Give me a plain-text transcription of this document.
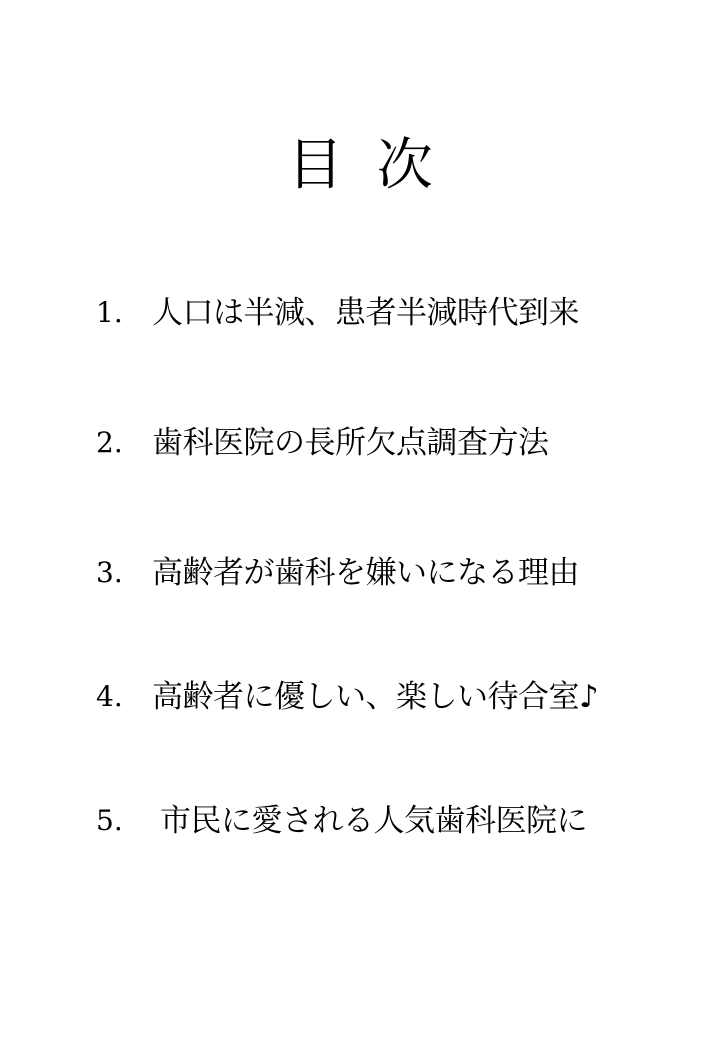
目次
1. 人口は半減、患者半減時代到来
2. 歯科医院の長所欠点調査方法
3. 高齢者が歯科を嫌いになる理由
4. 高齢者に優しい、楽しい待合室♪
5.	市民に愛される人気歯科医院に
